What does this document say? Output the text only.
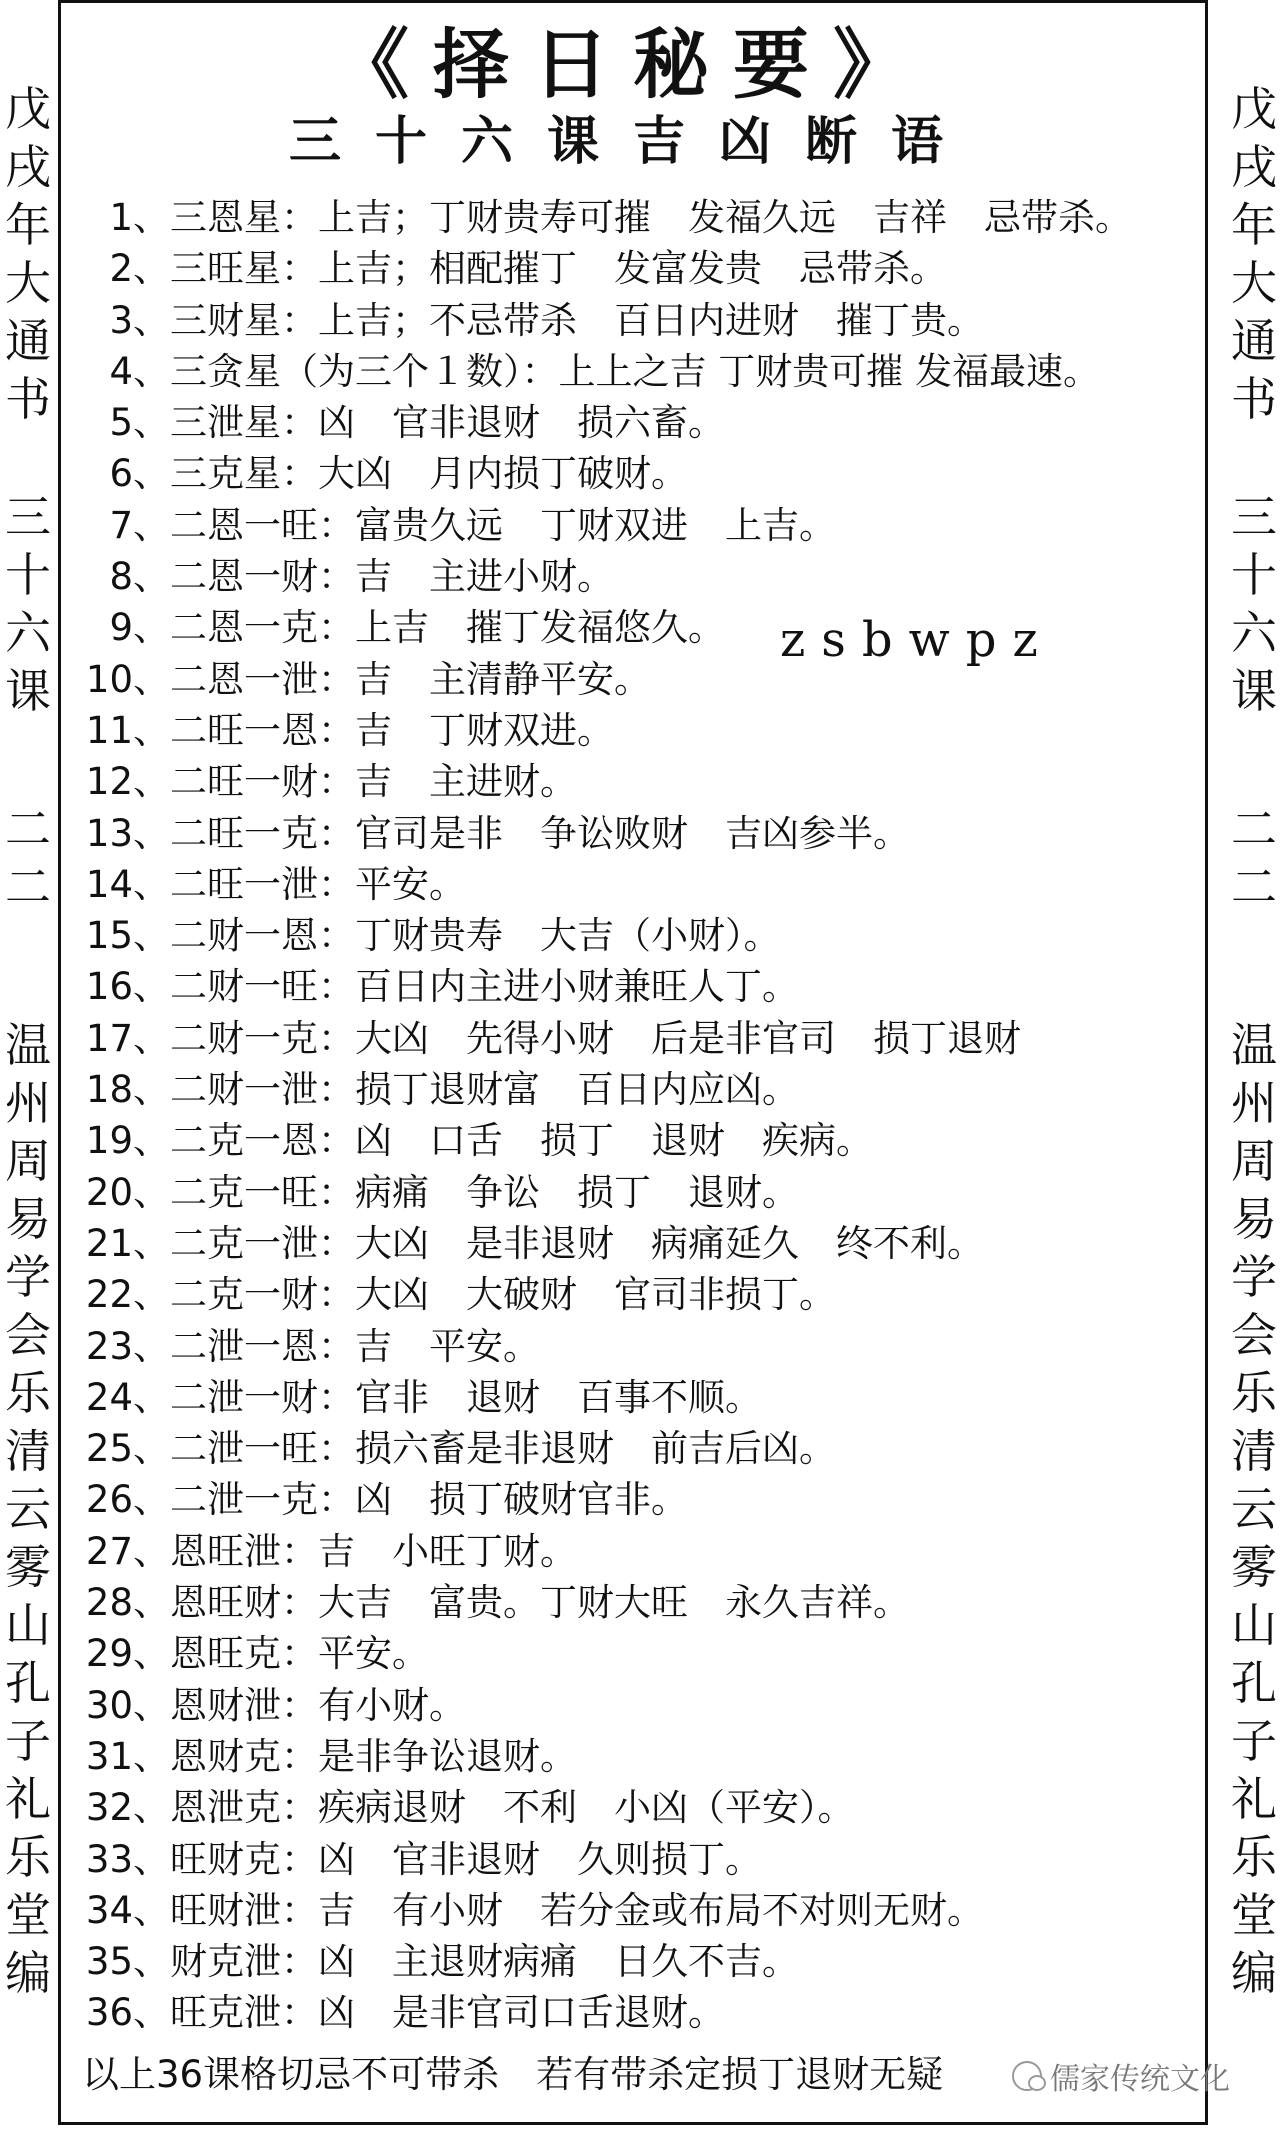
戊
戌
年
大
通
书
三
十
六
课
二
二
温
州
周
易
学
会
乐
清
云
雾
山
孔
子
礼
乐
堂
编
戊
戌
年
大
通
书
三
十
六
课
二
二
温
州
周
易
学
会
乐
清
云
雾
山
孔
子
礼
乐
堂
编
《择日秘要》
三十六课吉凶断语
1、三恩星：上吉；丁财贵寿可摧　发福久远　吉祥　忌带杀。
2、三旺星：上吉；相配摧丁　发富发贵　忌带杀。
3、三财星：上吉；不忌带杀　百日内进财　摧丁贵。
4、三贪星（为三个１数）：上上之吉 丁财贵可摧 发福最速。
5、三泄星：凶　官非退财　损六畜。
6、三克星：大凶　月内损丁破财。
7、二恩一旺：富贵久远　丁财双进　上吉。
8、二恩一财：吉　主进小财。
9、二恩一克：上吉　摧丁发福悠久。
10、二恩一泄：吉　主清静平安。
11、二旺一恩：吉　丁财双进。
12、二旺一财：吉　主进财。
13、二旺一克：官司是非　争讼败财　吉凶参半。
14、二旺一泄：平安。
15、二财一恩：丁财贵寿　大吉（小财）。
16、二财一旺：百日内主进小财兼旺人丁。
17、二财一克：大凶　先得小财　后是非官司　损丁退财
18、二财一泄：损丁退财富　百日内应凶。
19、二克一恩：凶　口舌　损丁　退财　疾病。
20、二克一旺：病痛　争讼　损丁　退财。
21、二克一泄：大凶　是非退财　病痛延久　终不利。
22、二克一财：大凶　大破财　官司非损丁。
23、二泄一恩：吉　平安。
24、二泄一财：官非　退财　百事不顺。
25、二泄一旺：损六畜是非退财　前吉后凶。
26、二泄一克：凶　损丁破财官非。
27、恩旺泄：吉　小旺丁财。
28、恩旺财：大吉　富贵。丁财大旺　永久吉祥。
29、恩旺克：平安。
30、恩财泄：有小财。
31、恩财克：是非争讼退财。
32、恩泄克：疾病退财　不利　小凶（平安）。
33、旺财克：凶　官非退财　久则损丁。
34、旺财泄：吉　有小财　若分金或布局不对则无财。
35、财克泄：凶　主退财病痛　日久不吉。
36、旺克泄：凶　是非官司口舌退财。
zsbwpz
以上36课格切忌不可带杀　若有带杀定损丁退财无疑	儒家传统文化
